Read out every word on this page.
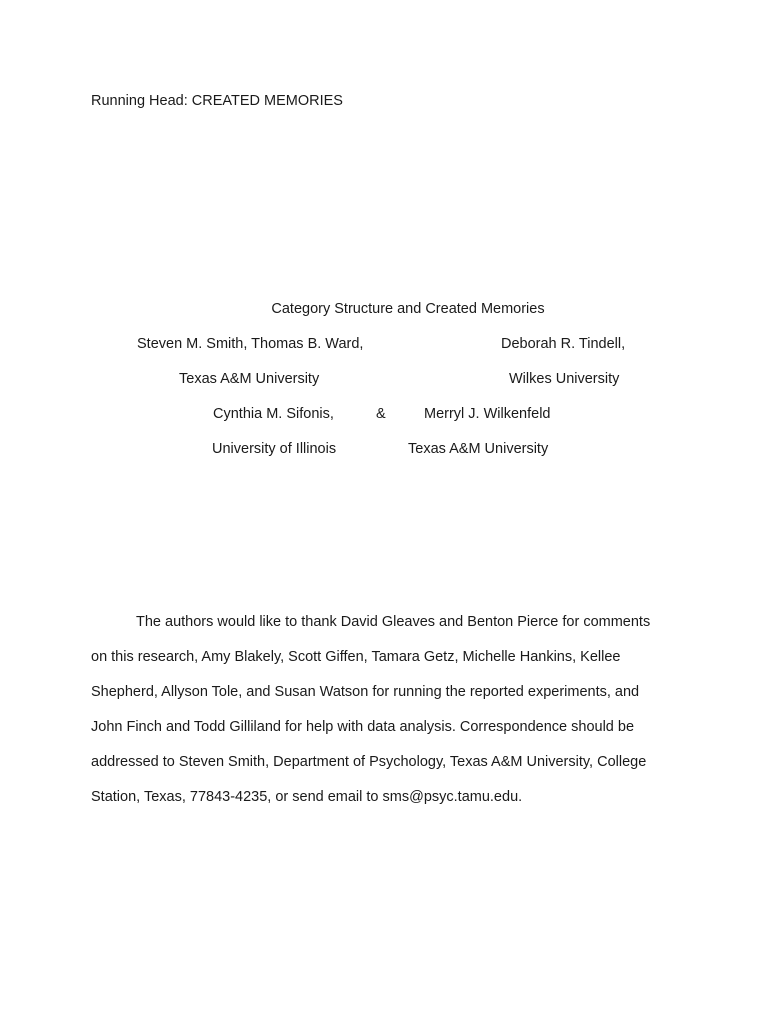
Running Head: CREATED MEMORIES
Category Structure and Created Memories
Steven M. Smith, Thomas B. Ward,	Deborah R. Tindell,
Texas A&M University	Wilkes University
Cynthia M. Sifonis,	&	Merryl J. Wilkenfeld
University of Illinois	Texas A&M University
The authors would like to thank David Gleaves and Benton Pierce for comments
on this research, Amy Blakely, Scott Giffen, Tamara Getz, Michelle Hankins, Kellee
Shepherd, Allyson Tole, and Susan Watson for running the reported experiments, and
John Finch and Todd Gilliland for help with data analysis. Correspondence should be
addressed to Steven Smith, Department of Psychology, Texas A&M University, College
Station, Texas, 77843-4235, or send email to sms@psyc.tamu.edu.
